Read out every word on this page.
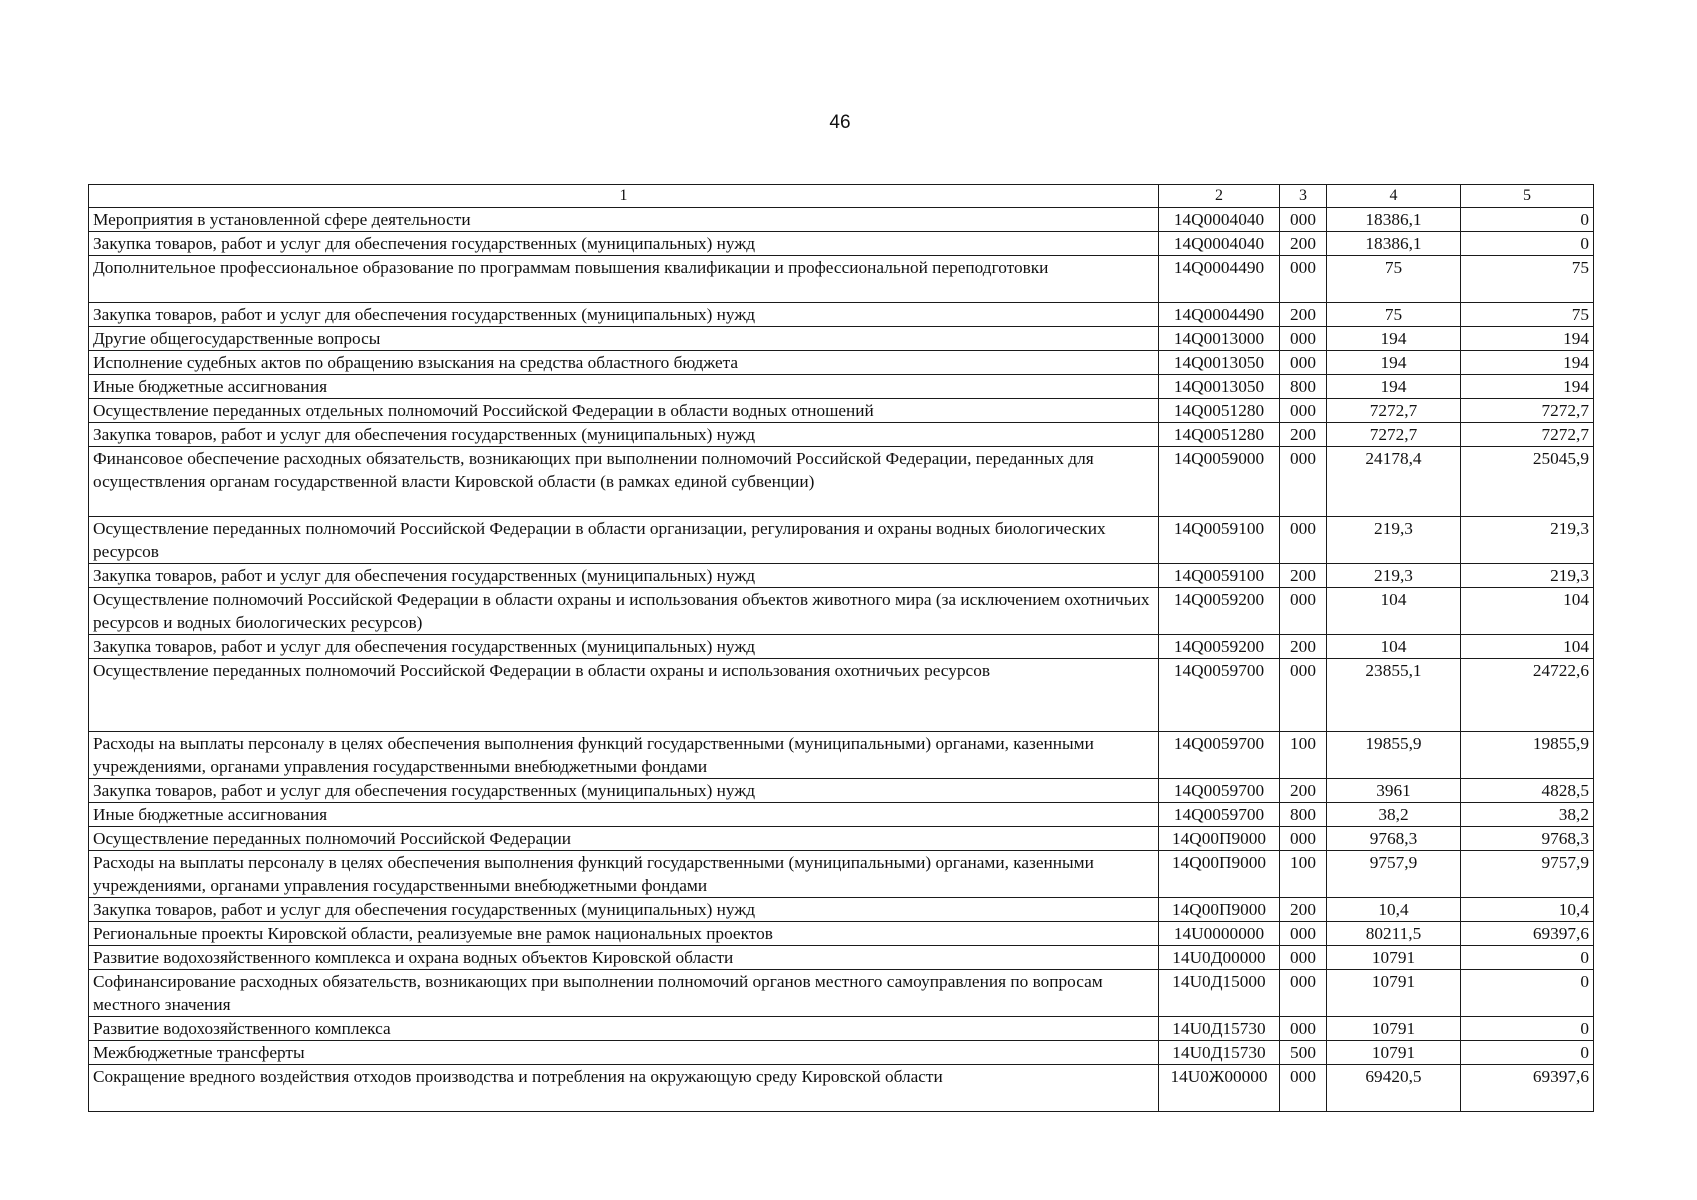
46
1	2	3	4	5
Мероприятия в установленной сфере деятельности	14Q0004040	000	18386,1	0
Закупка товаров, работ и услуг для обеспечения государственных (муниципальных) нужд	14Q0004040	200	18386,1	0
Дополнительное профессиональное образование по программам повышения квалификации и профессиональной переподготовки	14Q0004490	000	75	75
Закупка товаров, работ и услуг для обеспечения государственных (муниципальных) нужд	14Q0004490	200	75	75
Другие общегосударственные вопросы	14Q0013000	000	194	194
Исполнение судебных актов по обращению взыскания на средства областного бюджета	14Q0013050	000	194	194
Иные бюджетные ассигнования	14Q0013050	800	194	194
Осуществление переданных отдельных полномочий Российской Федерации в области водных отношений	14Q0051280	000	7272,7	7272,7
Закупка товаров, работ и услуг для обеспечения государственных (муниципальных) нужд	14Q0051280	200	7272,7	7272,7
Финансовое обеспечение расходных обязательств, возникающих при выполнении полномочий Российской Федерации, переданных для осуществления органам государственной власти Кировской области (в рамках единой субвенции)	14Q0059000	000	24178,4	25045,9
Осуществление переданных полномочий Российской Федерации в области организации, регулирования и охраны водных биологических ресурсов	14Q0059100	000	219,3	219,3
Закупка товаров, работ и услуг для обеспечения государственных (муниципальных) нужд	14Q0059100	200	219,3	219,3
Осуществление полномочий Российской Федерации в области охраны и использования объектов животного мира (за исключением охотничьих ресурсов и водных биологических ресурсов)	14Q0059200	000	104	104
Закупка товаров, работ и услуг для обеспечения государственных (муниципальных) нужд	14Q0059200	200	104	104
Осуществление переданных полномочий Российской Федерации в области охраны и использования охотничьих ресурсов	14Q0059700	000	23855,1	24722,6
Расходы на выплаты персоналу в целях обеспечения выполнения функций государственными (муниципальными) органами, казенными учреждениями, органами управления государственными внебюджетными фондами	14Q0059700	100	19855,9	19855,9
Закупка товаров, работ и услуг для обеспечения государственных (муниципальных) нужд	14Q0059700	200	3961	4828,5
Иные бюджетные ассигнования	14Q0059700	800	38,2	38,2
Осуществление переданных полномочий Российской Федерации	14Q00П9000	000	9768,3	9768,3
Расходы на выплаты персоналу в целях обеспечения выполнения функций государственными (муниципальными) органами, казенными учреждениями, органами управления государственными внебюджетными фондами	14Q00П9000	100	9757,9	9757,9
Закупка товаров, работ и услуг для обеспечения государственных (муниципальных) нужд	14Q00П9000	200	10,4	10,4
Региональные проекты Кировской области, реализуемые вне рамок национальных проектов	14U0000000	000	80211,5	69397,6
Развитие водохозяйственного комплекса и охрана водных объектов Кировской области	14U0Д00000	000	10791	0
Софинансирование расходных обязательств, возникающих при выполнении полномочий органов местного самоуправления по вопросам местного значения	14U0Д15000	000	10791	0
Развитие водохозяйственного комплекса	14U0Д15730	000	10791	0
Межбюджетные трансферты	14U0Д15730	500	10791	0
Сокращение вредного воздействия отходов производства и потребления на окружающую среду Кировской области	14U0Ж00000	000	69420,5	69397,6
